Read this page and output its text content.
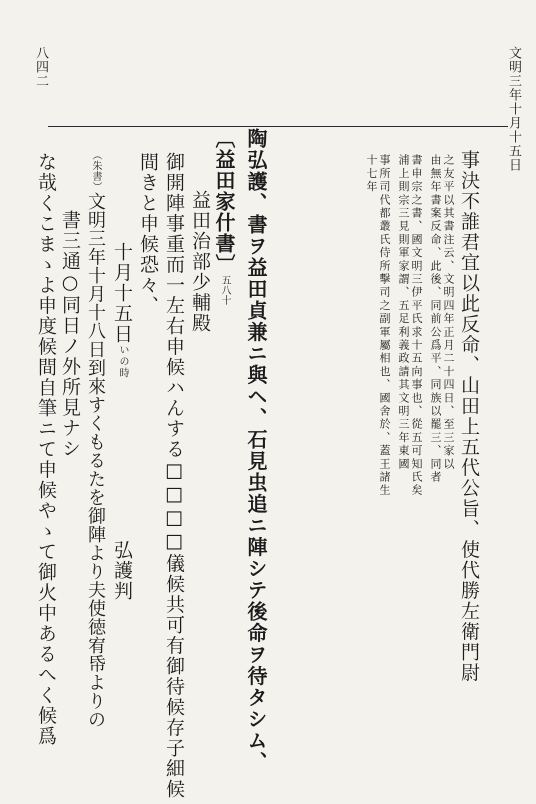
文明三年十月十五日
八四二
事決不誰君宜以此反命、山田上五代公旨、使代勝左衛門尉
之友平以其書注云、文明四年正月二十四日、至三家以
由無年書案反命、此後、同前公爲平、同族以罷三、同者
書申宗之書、國文明三伊平氏求十五向事也、從五可知氏矣
浦上則宗三見則軍家謂、五足利義政請其文明三年東國
事所司代都叢氏侍所擊司之副軍屬相也、國舍於、蓋王諸生
十七年
陶弘護、書ヲ益田貞兼ニ與ヘ、石見虫追ニ陣シテ後命ヲ待タシム、
〔益田家什書〕五八十
益田治部少輔殿
御開陣事重而一左右申候ハんする□□□□儀候共可有御待候存子細候
間きと申候恐々、
十月十五日いの時
弘護判
（朱書）文明三年十月十八日到來すくもるたを御陣より夫使徳宥帋よりの
書三通○同日ノ外所見ナシ
な哉くこまゝよ申度候間自筆ニて申候やゝて御火中あるへく候爲
